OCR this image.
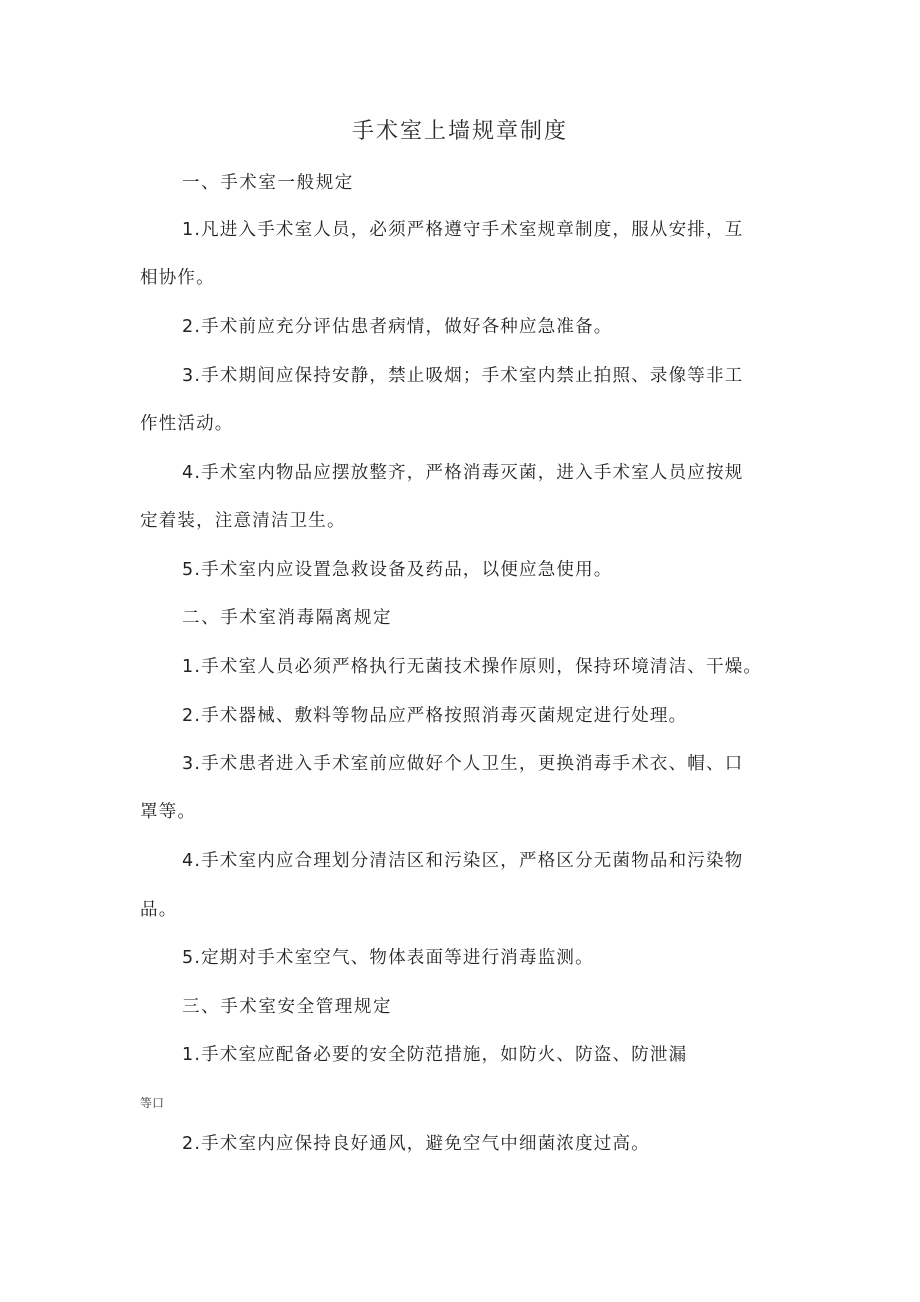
手术室上墙规章制度
一、手术室一般规定
1.凡进入手术室人员，必须严格遵守手术室规章制度，服从安排，互
相协作。
2.手术前应充分评估患者病情，做好各种应急准备。
3.手术期间应保持安静，禁止吸烟；手术室内禁止拍照、录像等非工
作性活动。
4.手术室内物品应摆放整齐，严格消毒灭菌，进入手术室人员应按规
定着装，注意清洁卫生。
5.手术室内应设置急救设备及药品，以便应急使用。
二、手术室消毒隔离规定
1.手术室人员必须严格执行无菌技术操作原则，保持环境清洁、干燥。
2.手术器械、敷料等物品应严格按照消毒灭菌规定进行处理。
3.手术患者进入手术室前应做好个人卫生，更换消毒手术衣、帽、口
罩等。
4.手术室内应合理划分清洁区和污染区，严格区分无菌物品和污染物
品。
5.定期对手术室空气、物体表面等进行消毒监测。
三、手术室安全管理规定
1.手术室应配备必要的安全防范措施，如防火、防盗、防泄漏
等口
2.手术室内应保持良好通风，避免空气中细菌浓度过高。
